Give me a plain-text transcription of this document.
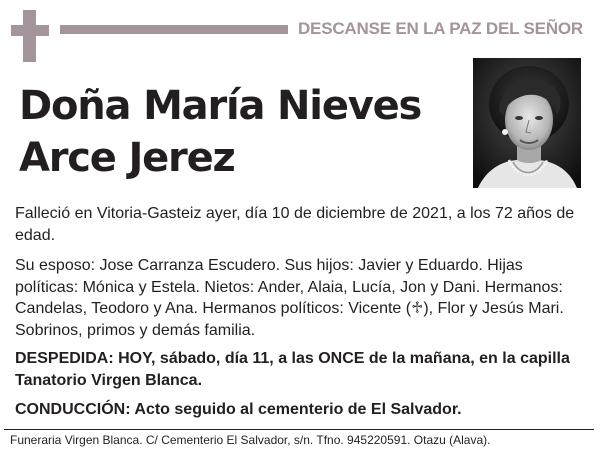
DESCANSE EN LA PAZ DEL SEÑOR
Doña María Nieves
Arce Jerez
Falleció en Vitoria-Gasteiz ayer, día 10 de diciembre de 2021, a los 72 años de edad.
Su esposo: Jose Carranza Escudero. Sus hijos: Javier y Eduardo. Hijas políticas: Mónica y Estela. Nietos: Ander, Alaia, Lucía, Jon y Dani. Hermanos: Candelas, Teodoro y Ana. Hermanos políticos: Vicente (♱), Flor y Jesús Mari. Sobrinos, primos y demás familia.
DESPEDIDA: HOY, sábado, día 11, a las ONCE de la mañana, en la capilla Tanatorio Virgen Blanca.
CONDUCCIÓN: Acto seguido al cementerio de El Salvador.
Funeraria Virgen Blanca. C/ Cementerio El Salvador, s/n. Tfno. 945220591. Otazu (Alava).
